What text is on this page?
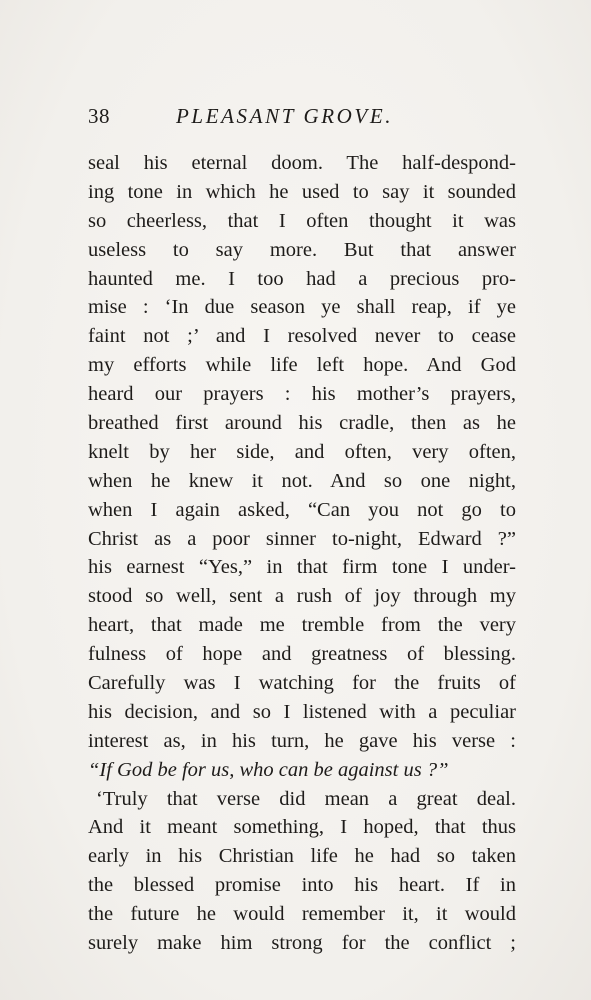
38	PLEASANT GROVE.
seal his eternal doom. The half-despond-
ing tone in which he used to say it sounded
so cheerless, that I often thought it was
useless to say more. But that answer
haunted me. I too had a precious pro-
mise : ‘In due season ye shall reap, if ye
faint not ;’ and I resolved never to cease
my efforts while life left hope. And God
heard our prayers : his mother’s prayers,
breathed first around his cradle, then as he
knelt by her side, and often, very often,
when he knew it not. And so one night,
when I again asked, “Can you not go to
Christ as a poor sinner to-night, Edward ?”
his earnest “Yes,” in that firm tone I under-
stood so well, sent a rush of joy through my
heart, that made me tremble from the very
fulness of hope and greatness of blessing.
Carefully was I watching for the fruits of
his decision, and so I listened with a peculiar
interest as, in his turn, he gave his verse :
“If God be for us, who can be against us ?”
‘Truly that verse did mean a great deal.
And it meant something, I hoped, that thus
early in his Christian life he had so taken
the blessed promise into his heart. If in
the future he would remember it, it would
surely make him strong for the conflict ;
